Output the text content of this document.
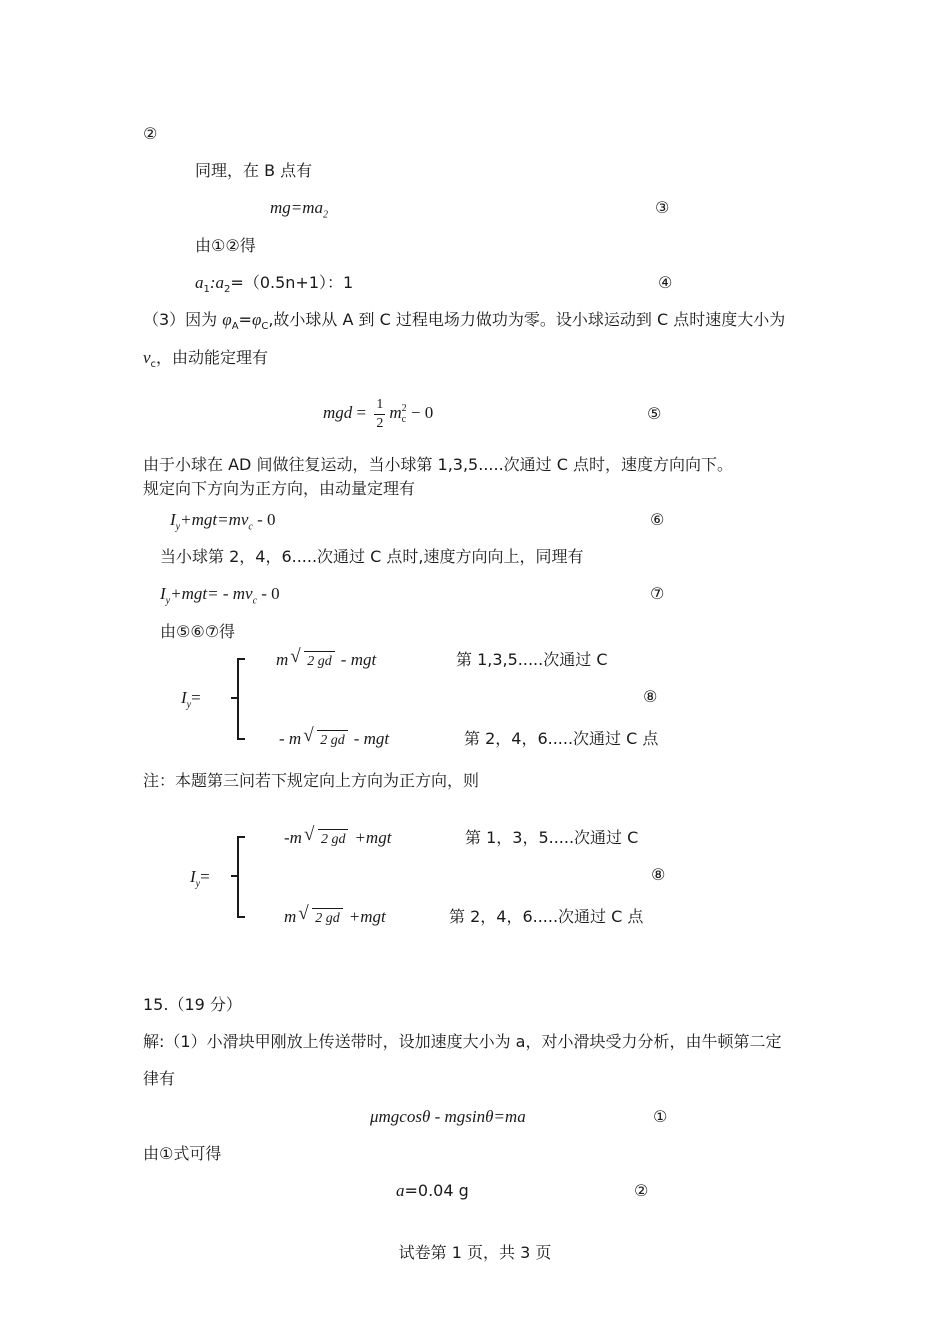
②
同理，在 B 点有
$mg=ma_2$	③
由①②得
$a_1:a_2=(0.5n+1)$：1	④
（3）因为 $\varphi_A=\varphi_C$,故小球从 A 到 C 过程电场力做功为零。设小球运动到 C 点时速度大小为
$v_c$，由动能定理有
mgd = $\frac{1}{2}$ m 2
c − 0	⑤
由于小球在 AD 间做往复运动，当小球第 1,3,5.....次通过 C 点时，速度方向向下。
规定向下方向为正方向，由动量定理有
$I_y+mgt=mv_c - 0$	⑥
当小球第 2，4，6.....次通过 C 点时,速度方向向上，同理有
$I_y+mgt= - mv_c - 0$	⑦
由⑤⑥⑦得
$I_y=$
m √ 2 gd - mgt	第 1,3,5.....次通过 C
⑧
- m √ 2 gd - mgt	第 2，4，6.....次通过 C 点
注：本题第三问若下规定向上方向为正方向，则
$I_y=$
-m √ 2 gd +mgt	第 1，3，5.....次通过 C
⑧
m √ 2 gd +mgt	第 2，4，6.....次通过 C 点
15.（19 分）
解:（1）小滑块甲刚放上传送带时，设加速度大小为 a，对小滑块受力分析，由牛顿第二定
律有
μmgcosθ - mgsinθ=ma	①
由①式可得
a=0.04 g	②
试卷第 1 页，共 3 页
